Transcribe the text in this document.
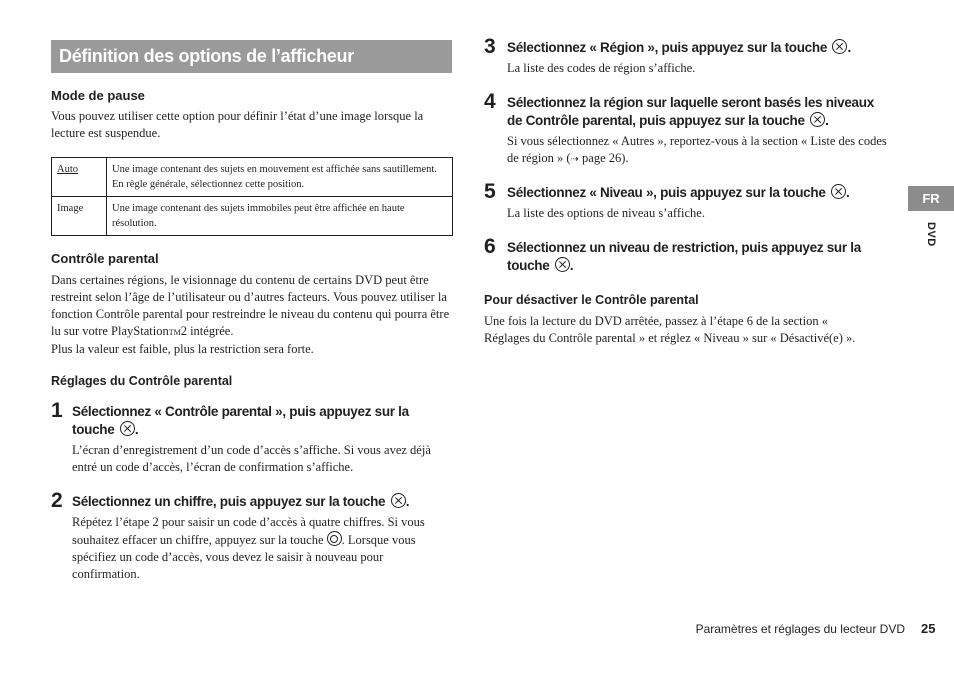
Définition des options de l’afficheur
Mode de pause
Vous pouvez utiliser cette option pour définir l’état d’une image lorsque la lecture est suspendue.
Auto	Une image contenant des sujets en mouvement est affichée sans sautillement. En règle générale, sélectionnez cette position.
Image	Une image contenant des sujets immobiles peut être affichée en haute résolution.
Contrôle parental
Dans certaines régions, le visionnage du contenu de certains DVD peut être restreint selon l’âge de l’utilisateur ou d’autres facteurs. Vous pouvez utiliser la fonction Contrôle parental pour restreindre le niveau du contenu qui pourra être lu sur votre PlayStationTM2 intégrée.
Plus la valeur est faible, plus la restriction sera forte.
Réglages du Contrôle parental
1 Sélectionnez « Contrôle parental », puis appuyez sur la touche .
L’écran d’enregistrement d’un code d’accès s’affiche. Si vous avez déjà entré un code d’accès, l’écran de confirmation s’affiche.
2 Sélectionnez un chiffre, puis appuyez sur la touche .
Répétez l’étape 2 pour saisir un code d’accès à quatre chiffres. Si vous souhaitez effacer un chiffre, appuyez sur la touche . Lorsque vous spécifiez un code d’accès, vous devez le saisir à nouveau pour confirmation.
3 Sélectionnez « Région », puis appuyez sur la touche .
La liste des codes de région s’affiche.
4 Sélectionnez la région sur laquelle seront basés les niveaux de Contrôle parental, puis appuyez sur la touche .
Si vous sélectionnez « Autres », reportez-vous à la section « Liste des codes de région » (⇢ page 26).
5 Sélectionnez « Niveau », puis appuyez sur la touche .
La liste des options de niveau s’affiche.
6 Sélectionnez un niveau de restriction, puis appuyez sur la touche .
Pour désactiver le Contrôle parental
Une fois la lecture du DVD arrêtée, passez à l’étape 6 de la section « Réglages du Contrôle parental » et réglez « Niveau » sur « Désactivé(e) ».
FR
DVD
Paramètres et réglages du lecteur DVD 25
